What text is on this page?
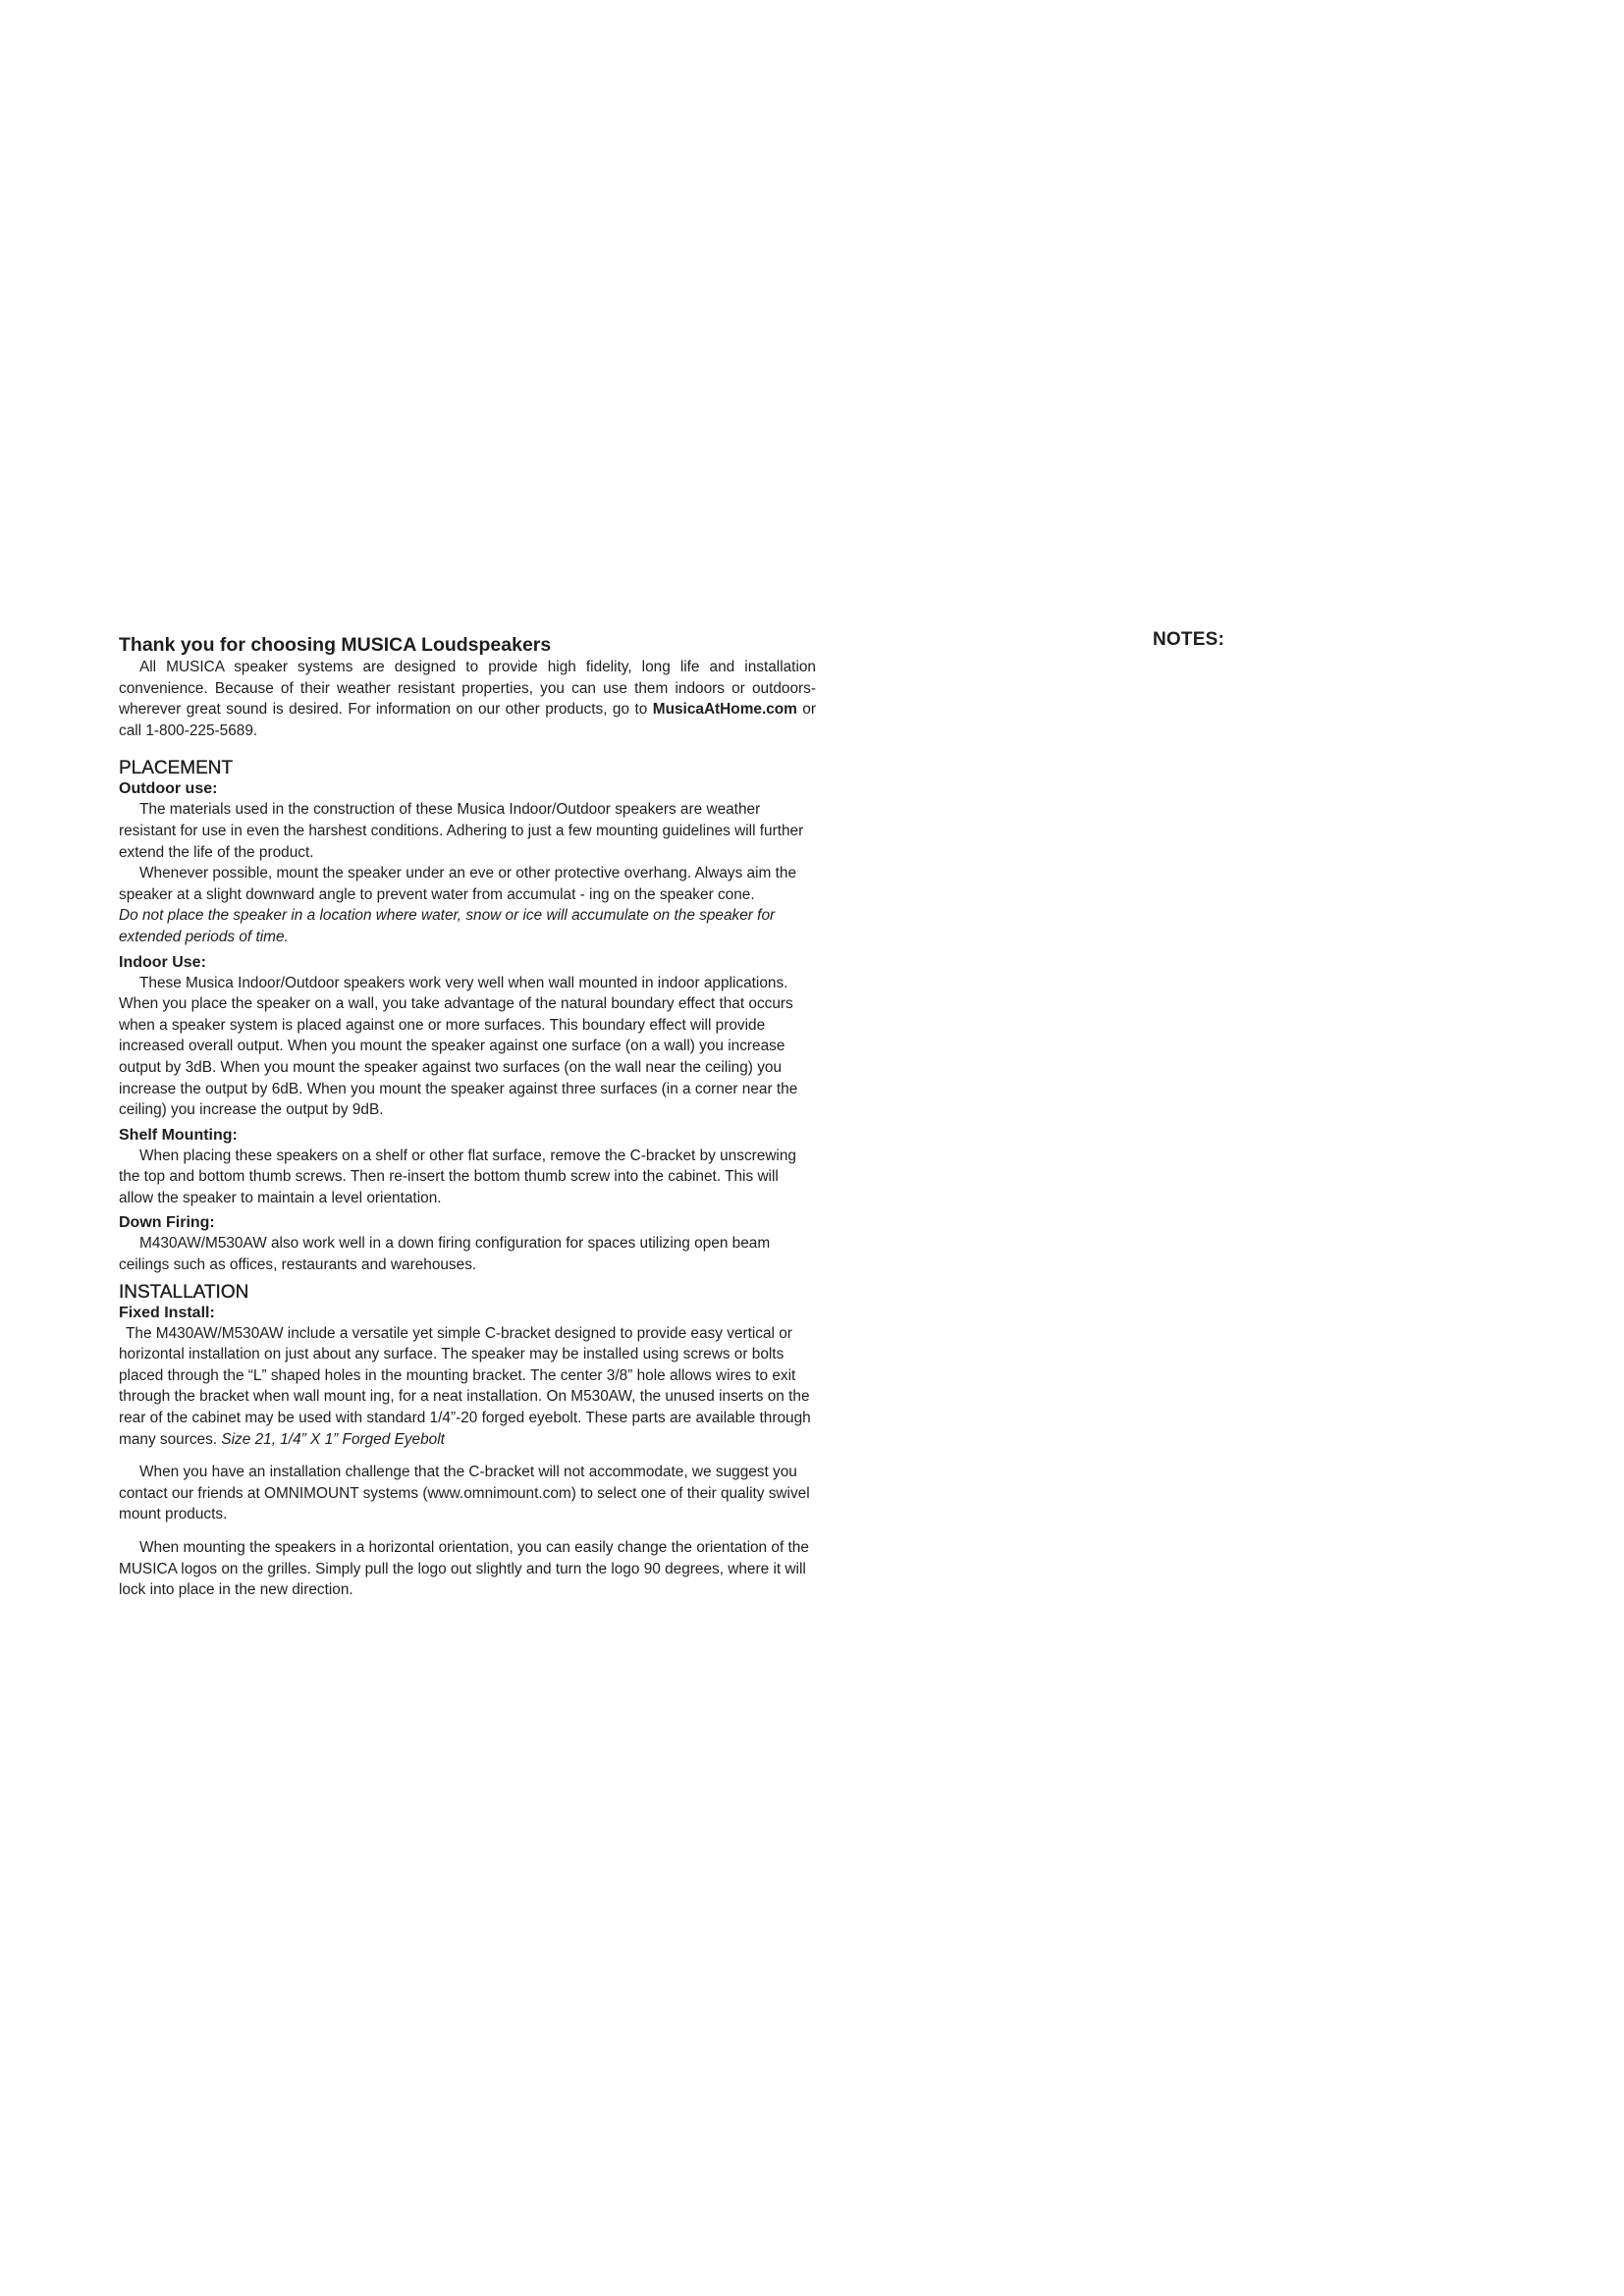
Thank you for choosing MUSICA Loudspeakers

All MUSICA speaker systems are designed to provide high fidelity, long life and installation convenience. Because of their weather resistant properties, you can use them indoors or outdoors- wherever great sound is desired. For information on our other products, go to MusicaAtHome.com or call 1-800-225-5689.

PLACEMENT
Outdoor use:

The materials used in the construction of these Musica Indoor/Outdoor speakers are weather resistant for use in even the harshest conditions. Adhering to just a few mounting guidelines will further extend the life of the product.

Whenever possible, mount the speaker under an eve or other protective overhang. Always aim the speaker at a slight downward angle to prevent water from accumulat - ing on the speaker cone.

Do not place the speaker in a location where water, snow or ice will accumulate on the speaker for extended periods of time.

Indoor Use:

These Musica Indoor/Outdoor speakers work very well when wall mounted in indoor applications. When you place the speaker on a wall, you take advantage of the natural boundary effect that occurs when a speaker system is placed against one or more surfaces. This boundary effect will provide increased overall output. When you mount the speaker against one surface (on a wall) you increase output by 3dB. When you mount the speaker against two surfaces (on the wall near the ceiling) you increase the output by 6dB. When you mount the speaker against three surfaces (in a corner near the ceiling) you increase the output by 9dB.

Shelf Mounting:

When placing these speakers on a shelf or other flat surface, remove the C-bracket by unscrewing the top and bottom thumb screws. Then re-insert the bottom thumb screw into the cabinet. This will allow the speaker to maintain a level orientation.

Down Firing:

M430AW/M530AW also work well in a down firing configuration for spaces utilizing open beam ceilings such as offices, restaurants and warehouses.

INSTALLATION
Fixed Install:

The M430AW/M530AW include a versatile yet simple C-bracket designed to provide easy vertical or horizontal installation on just about any surface. The speaker may be installed using screws or bolts placed through the “L” shaped holes in the mounting bracket. The center 3/8” hole allows wires to exit through the bracket when wall mount ing, for a neat installation. On M530AW, the unused inserts on the rear of the cabinet may be used with standard 1/4”-20 forged eyebolt. These parts are available through many sources. Size 21, 1/4” X 1” Forged Eyebolt

When you have an installation challenge that the C-bracket will not accommodate, we suggest you contact our friends at OMNIMOUNT systems (www.omnimount.com) to select one of their quality swivel mount products.

When mounting the speakers in a horizontal orientation, you can easily change the orientation of the MUSICA logos on the grilles. Simply pull the logo out slightly and turn the logo 90 degrees, where it will lock into place in the new direction.

NOTES:
